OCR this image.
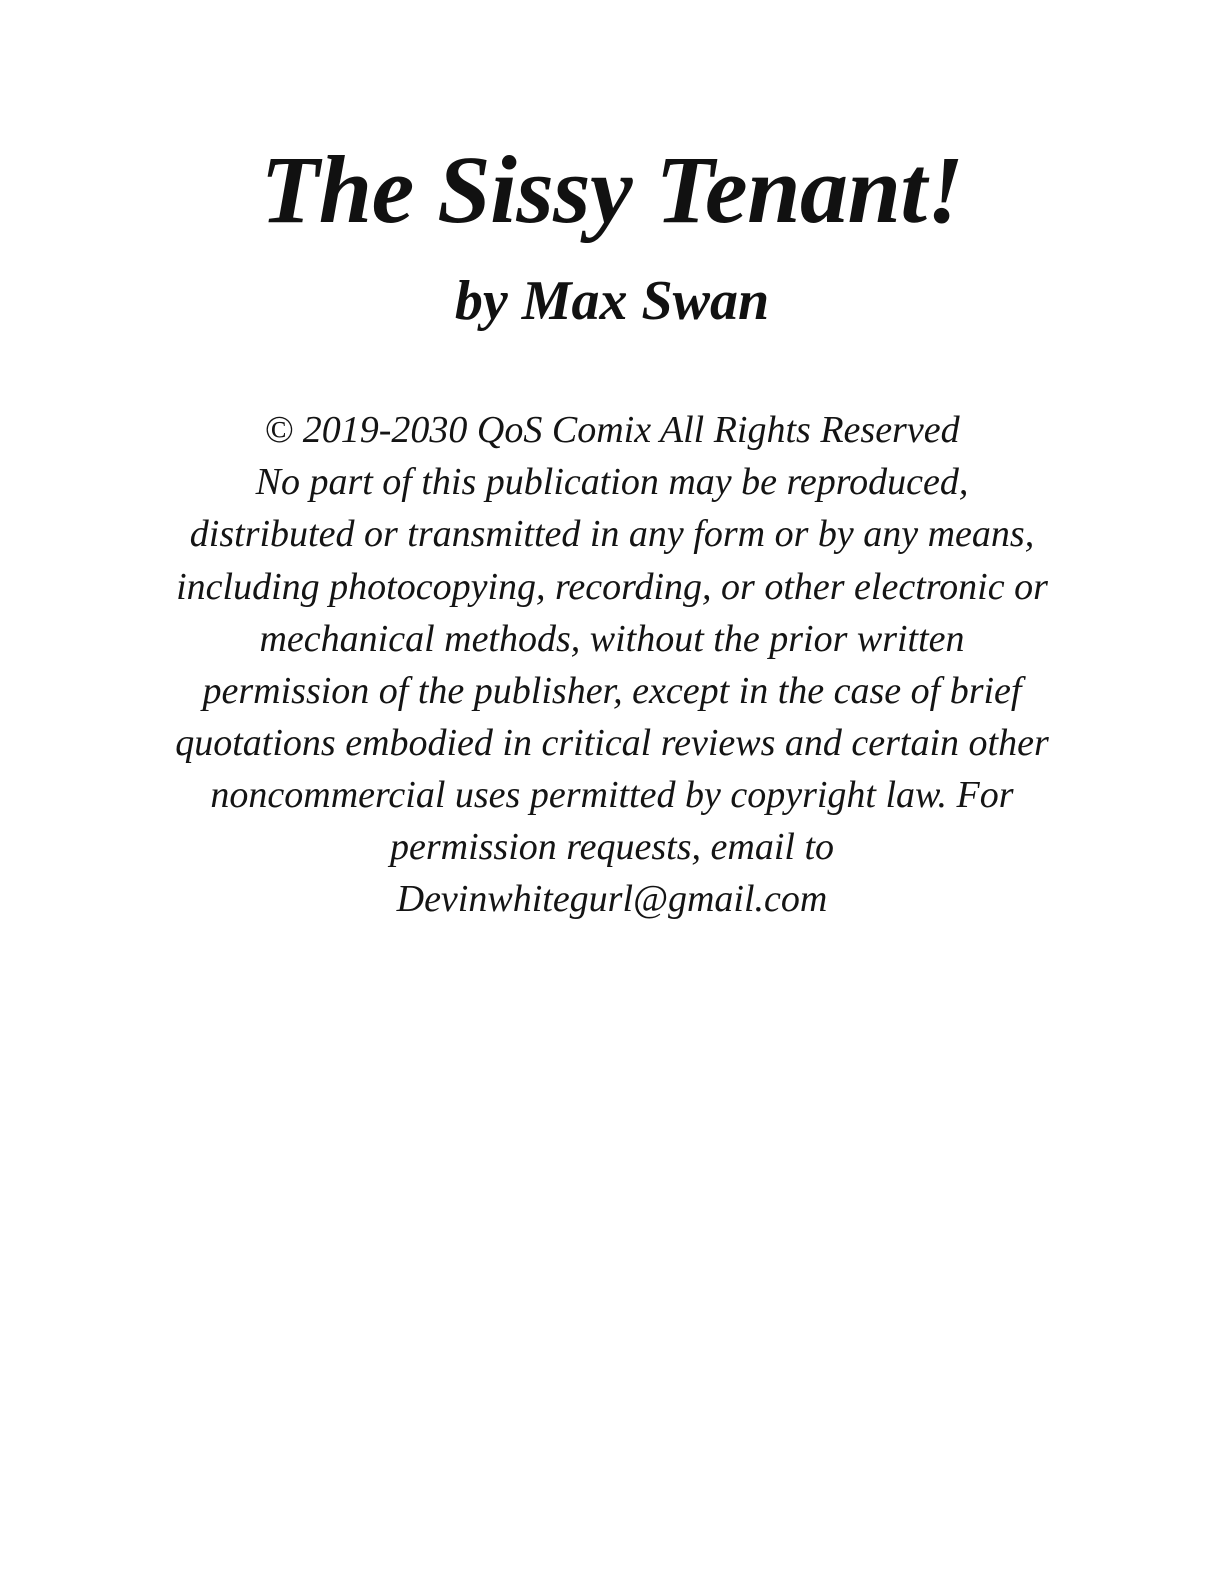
The Sissy Tenant!
by Max Swan
© 2019-2030 QoS Comix All Rights Reserved
No part of this publication may be reproduced,
distributed or transmitted in any form or by any means,
including photocopying, recording, or other electronic or
mechanical methods, without the prior written
permission of the publisher, except in the case of brief
quotations embodied in critical reviews and certain other
noncommercial uses permitted by copyright law. For
permission requests, email to
Devinwhitegurl@gmail.com
